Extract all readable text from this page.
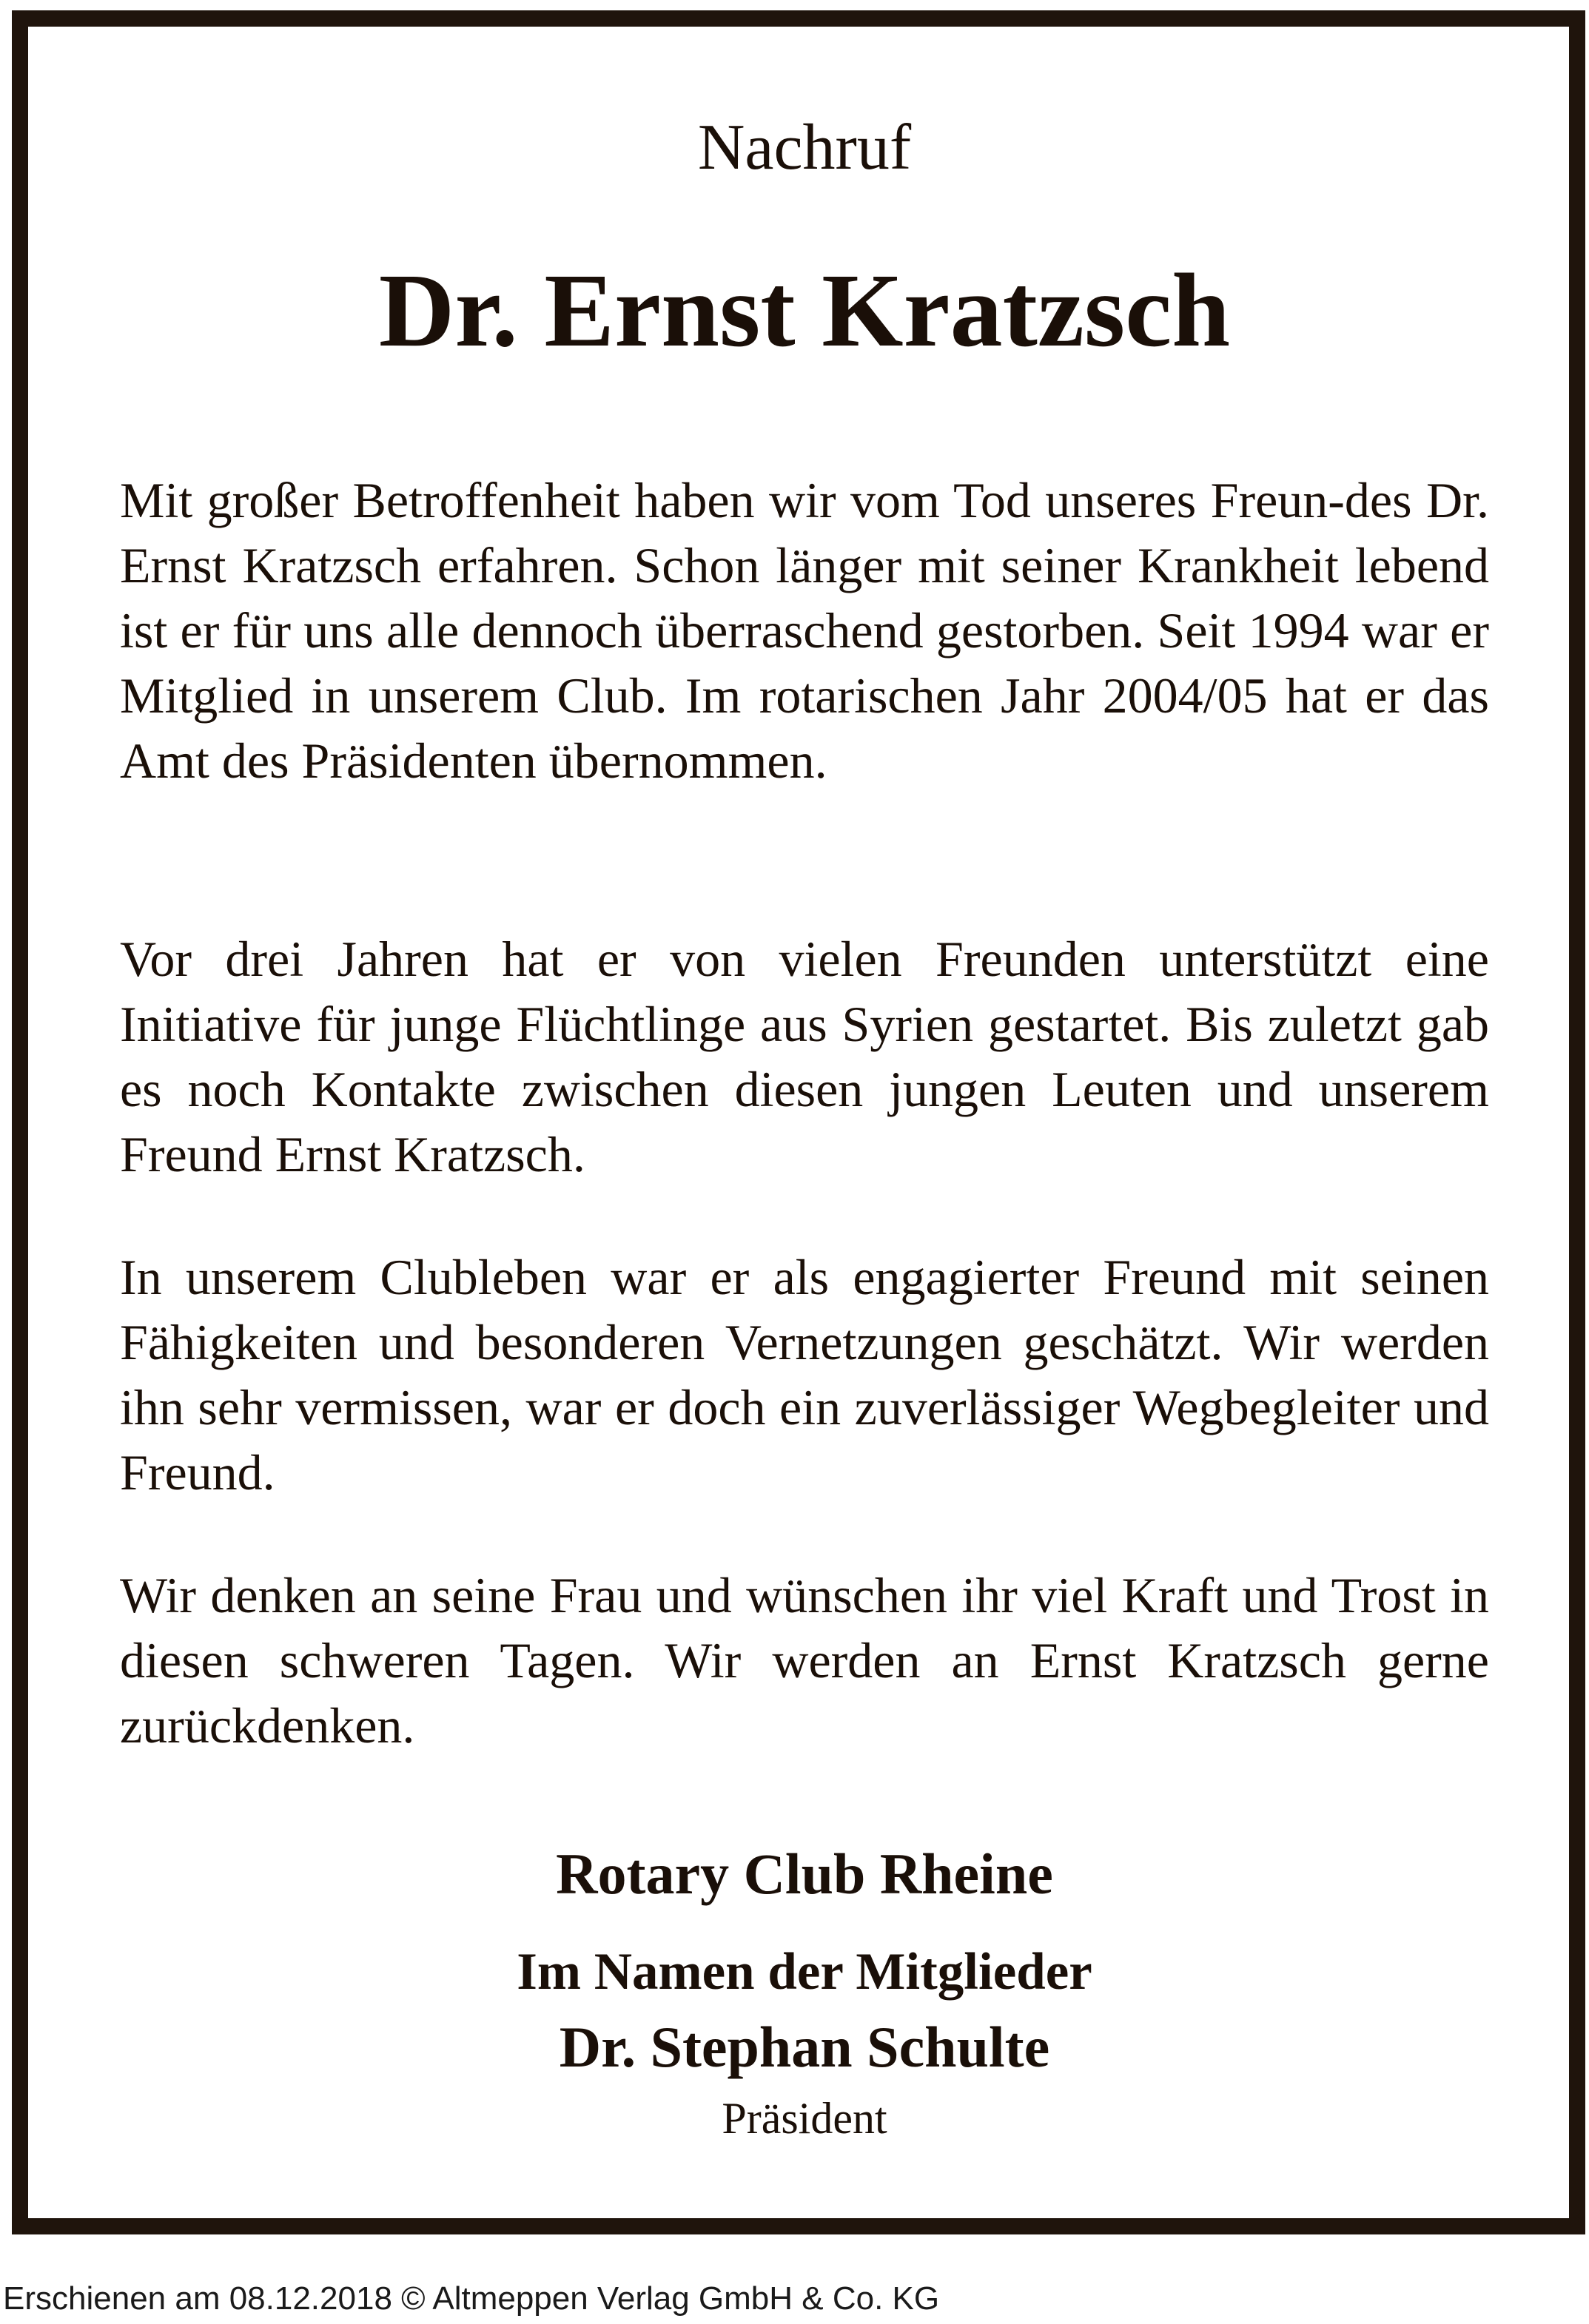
Nachruf
Dr. Ernst Kratzsch

Mit großer Betroffenheit haben wir vom Tod unseres Freun-des Dr. Ernst Kratzsch erfahren. Schon länger mit seiner Krankheit lebend ist er für uns alle dennoch überraschend gestorben. Seit 1994 war er Mitglied in unserem Club. Im rotarischen Jahr 2004/05 hat er das Amt des Präsidenten übernommen.

Vor drei Jahren hat er von vielen Freunden unterstützt eine Initiative für junge Flüchtlinge aus Syrien gestartet. Bis zuletzt gab es noch Kontakte zwischen diesen jungen Leuten und unserem Freund Ernst Kratzsch.

In unserem Clubleben war er als engagierter Freund mit seinen Fähigkeiten und besonderen Vernetzungen geschätzt. Wir werden ihn sehr vermissen, war er doch ein zuverlässiger Wegbegleiter und Freund.

Wir denken an seine Frau und wünschen ihr viel Kraft und Trost in diesen schweren Tagen. Wir werden an Ernst Kratzsch gerne zurückdenken.

Rotary Club Rheine
Im Namen der Mitglieder
Dr. Stephan Schulte
Präsident
Erschienen am 08.12.2018 © Altmeppen Verlag GmbH & Co. KG
